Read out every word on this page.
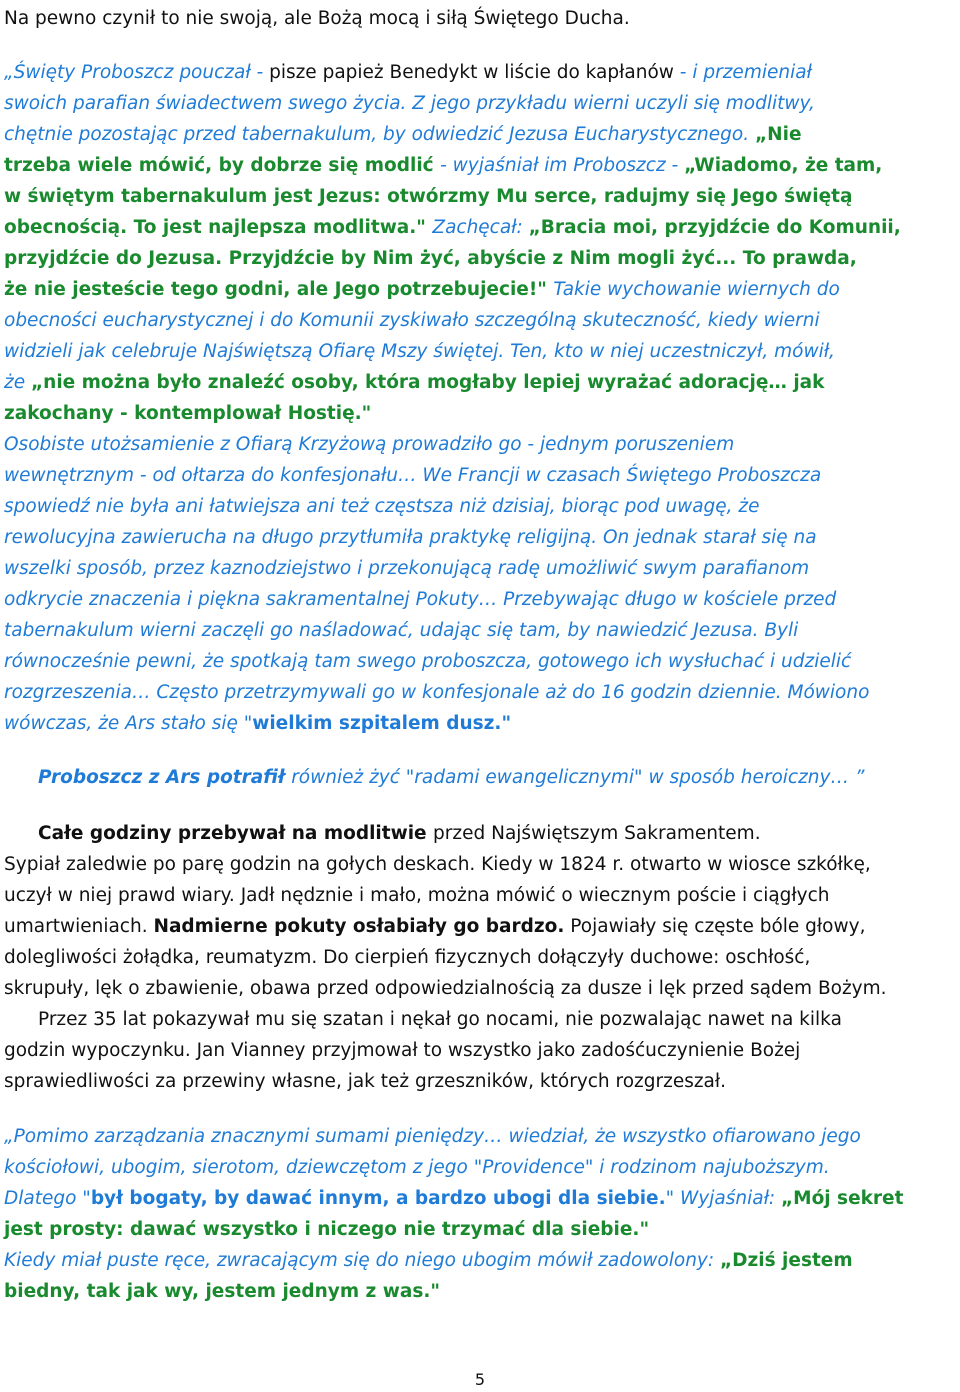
Na pewno czynił to nie swoją, ale Bożą mocą i siłą Świętego Ducha.
„Święty Proboszcz pouczał - pisze papież Benedykt w liście do kapłanów - i przemieniał
swoich parafian świadectwem swego życia. Z jego przykładu wierni uczyli się modlitwy,
chętnie pozostając przed tabernakulum, by odwiedzić Jezusa Eucharystycznego. „Nie
trzeba wiele mówić, by dobrze się modlić - wyjaśniał im Proboszcz - „Wiadomo, że tam,
w świętym tabernakulum jest Jezus: otwórzmy Mu serce, radujmy się Jego świętą
obecnością. To jest najlepsza modlitwa." Zachęcał: „Bracia moi, przyjdźcie do Komunii,
przyjdźcie do Jezusa. Przyjdźcie by Nim żyć, abyście z Nim mogli żyć... To prawda,
że nie jesteście tego godni, ale Jego potrzebujecie!" Takie wychowanie wiernych do
obecności eucharystycznej i do Komunii zyskiwało szczególną skuteczność, kiedy wierni
widzieli jak celebruje Najświętszą Ofiarę Mszy świętej. Ten, kto w niej uczestniczył, mówił,
że „nie można było znaleźć osoby, która mogłaby lepiej wyrażać adorację… jak
zakochany - kontemplował Hostię."
Osobiste utożsamienie z Ofiarą Krzyżową prowadziło go - jednym poruszeniem
wewnętrznym - od ołtarza do konfesjonału… We Francji w czasach Świętego Proboszcza
spowiedź nie była ani łatwiejsza ani też częstsza niż dzisiaj, biorąc pod uwagę, że
rewolucyjna zawierucha na długo przytłumiła praktykę religijną. On jednak starał się na
wszelki sposób, przez kaznodziejstwo i przekonującą radę umożliwić swym parafianom
odkrycie znaczenia i piękna sakramentalnej Pokuty… Przebywając długo w kościele przed
tabernakulum wierni zaczęli go naśladować, udając się tam, by nawiedzić Jezusa. Byli
równocześnie pewni, że spotkają tam swego proboszcza, gotowego ich wysłuchać i udzielić
rozgrzeszenia… Często przetrzymywali go w konfesjonale aż do 16 godzin dziennie. Mówiono
wówczas, że Ars stało się "wielkim szpitalem dusz."
Proboszcz z Ars potrafił również żyć "radami ewangelicznymi" w sposób heroiczny… ”
Całe godziny przebywał na modlitwie przed Najświętszym Sakramentem.
Sypiał zaledwie po parę godzin na gołych deskach. Kiedy w 1824 r. otwarto w wiosce szkółkę,
uczył w niej prawd wiary. Jadł nędznie i mało, można mówić o wiecznym poście i ciągłych
umartwieniach. Nadmierne pokuty osłabiały go bardzo. Pojawiały się częste bóle głowy,
dolegliwości żołądka, reumatyzm. Do cierpień fizycznych dołączyły duchowe: oschłość,
skrupuły, lęk o zbawienie, obawa przed odpowiedzialnością za dusze i lęk przed sądem Bożym.
Przez 35 lat pokazywał mu się szatan i nękał go nocami, nie pozwalając nawet na kilka
godzin wypoczynku. Jan Vianney przyjmował to wszystko jako zadośćuczynienie Bożej
sprawiedliwości za przewiny własne, jak też grzeszników, których rozgrzeszał.
„Pomimo zarządzania znacznymi sumami pieniędzy… wiedział, że wszystko ofiarowano jego
kościołowi, ubogim, sierotom, dziewczętom z jego "Providence" i rodzinom najuboższym.
Dlatego "był bogaty, by dawać innym, a bardzo ubogi dla siebie." Wyjaśniał: „Mój sekret
jest prosty: dawać wszystko i niczego nie trzymać dla siebie."
Kiedy miał puste ręce, zwracającym się do niego ubogim mówił zadowolony: „Dziś jestem
biedny, tak jak wy, jestem jednym z was."
5
